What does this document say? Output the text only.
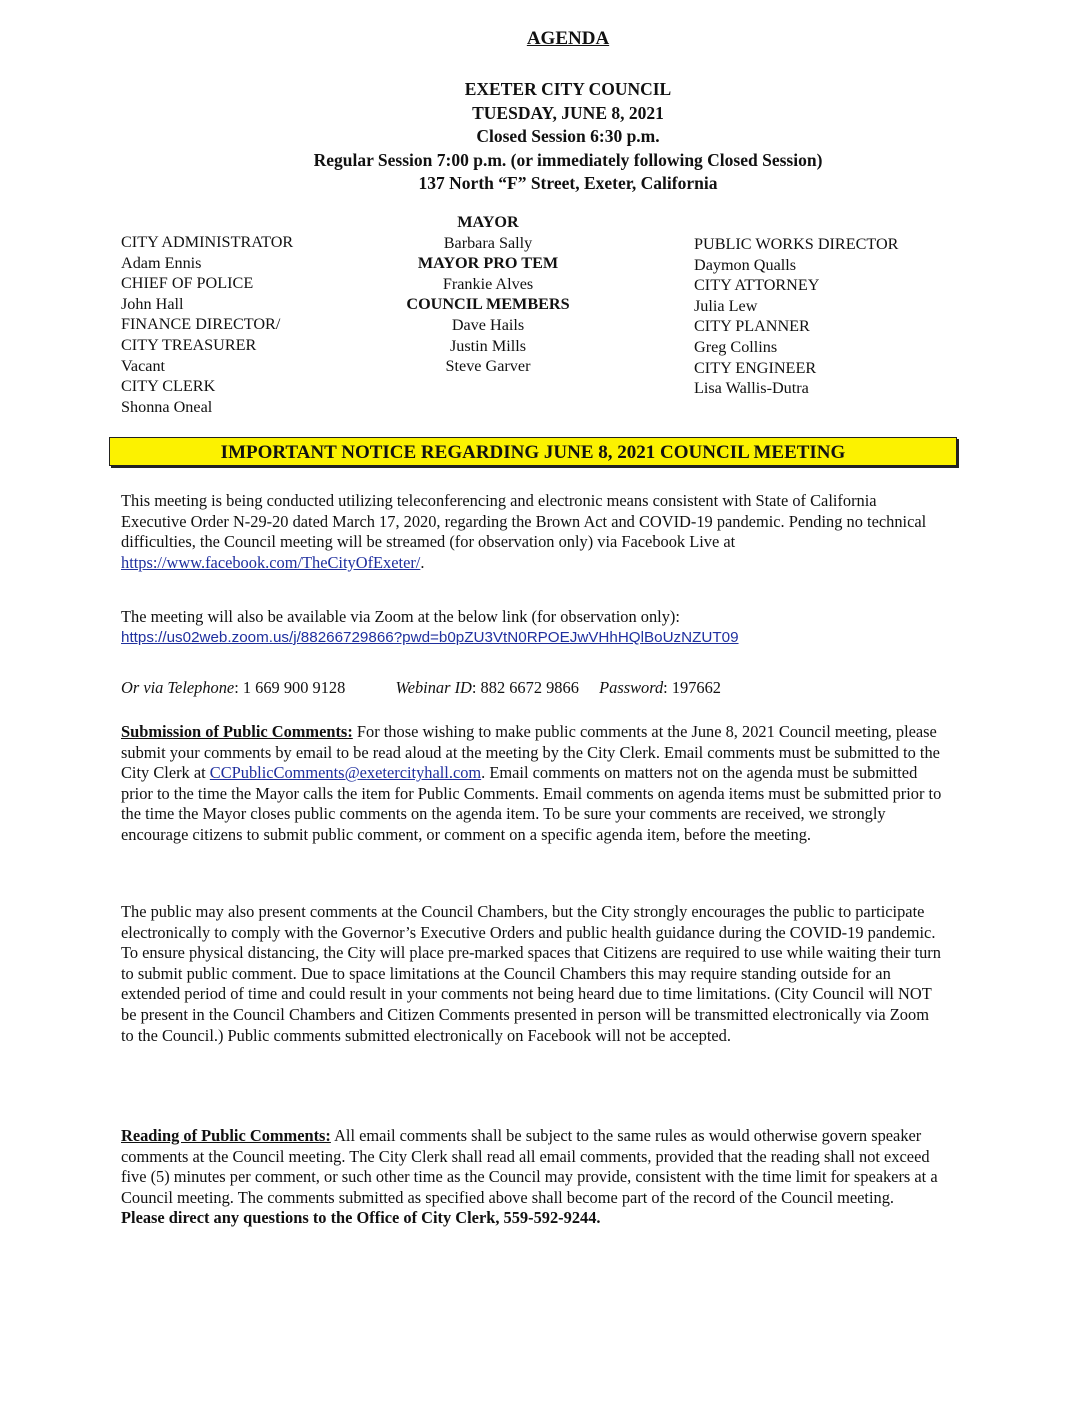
AGENDA
EXETER CITY COUNCIL
TUESDAY, JUNE 8, 2021
Closed Session 6:30 p.m.
Regular Session 7:00 p.m. (or immediately following Closed Session)
137 North “F” Street, Exeter, California
CITY ADMINISTRATOR
Adam Ennis
CHIEF OF POLICE
John Hall
FINANCE DIRECTOR/
CITY TREASURER
Vacant
CITY CLERK
Shonna Oneal
MAYOR
Barbara Sally
MAYOR PRO TEM
Frankie Alves
COUNCIL MEMBERS
Dave Hails
Justin Mills
Steve Garver
PUBLIC WORKS DIRECTOR
Daymon Qualls
CITY ATTORNEY
Julia Lew
CITY PLANNER
Greg Collins
CITY ENGINEER
Lisa Wallis-Dutra
IMPORTANT NOTICE REGARDING JUNE 8, 2021 COUNCIL MEETING
This meeting is being conducted utilizing teleconferencing and electronic means consistent with State of California Executive Order N-29-20 dated March 17, 2020, regarding the Brown Act and COVID-19 pandemic. Pending no technical difficulties, the Council meeting will be streamed (for observation only) via Facebook Live at https://www.facebook.com/TheCityOfExeter/.
The meeting will also be available via Zoom at the below link (for observation only):
https://us02web.zoom.us/j/88266729866?pwd=b0pZU3VtN0RPOEJwVHhHQlBoUzNZUT09
Or via Telephone: 1 669 900 9128	Webinar ID: 882 6672 9866 Password: 197662
Submission of Public Comments: For those wishing to make public comments at the June 8, 2021 Council meeting, please submit your comments by email to be read aloud at the meeting by the City Clerk. Email comments must be submitted to the City Clerk at CCPublicComments@exetercityhall.com. Email comments on matters not on the agenda must be submitted prior to the time the Mayor calls the item for Public Comments. Email comments on agenda items must be submitted prior to the time the Mayor closes public comments on the agenda item. To be sure your comments are received, we strongly encourage citizens to submit public comment, or comment on a specific agenda item, before the meeting.
The public may also present comments at the Council Chambers, but the City strongly encourages the public to participate electronically to comply with the Governor’s Executive Orders and public health guidance during the COVID-19 pandemic. To ensure physical distancing, the City will place pre-marked spaces that Citizens are required to use while waiting their turn to submit public comment. Due to space limitations at the Council Chambers this may require standing outside for an extended period of time and could result in your comments not being heard due to time limitations. (City Council will NOT be present in the Council Chambers and Citizen Comments presented in person will be transmitted electronically via Zoom to the Council.) Public comments submitted electronically on Facebook will not be accepted.
Reading of Public Comments: All email comments shall be subject to the same rules as would otherwise govern speaker comments at the Council meeting. The City Clerk shall read all email comments, provided that the reading shall not exceed five (5) minutes per comment, or such other time as the Council may provide, consistent with the time limit for speakers at a Council meeting. The comments submitted as specified above shall become part of the record of the Council meeting.
Please direct any questions to the Office of City Clerk, 559-592-9244.
